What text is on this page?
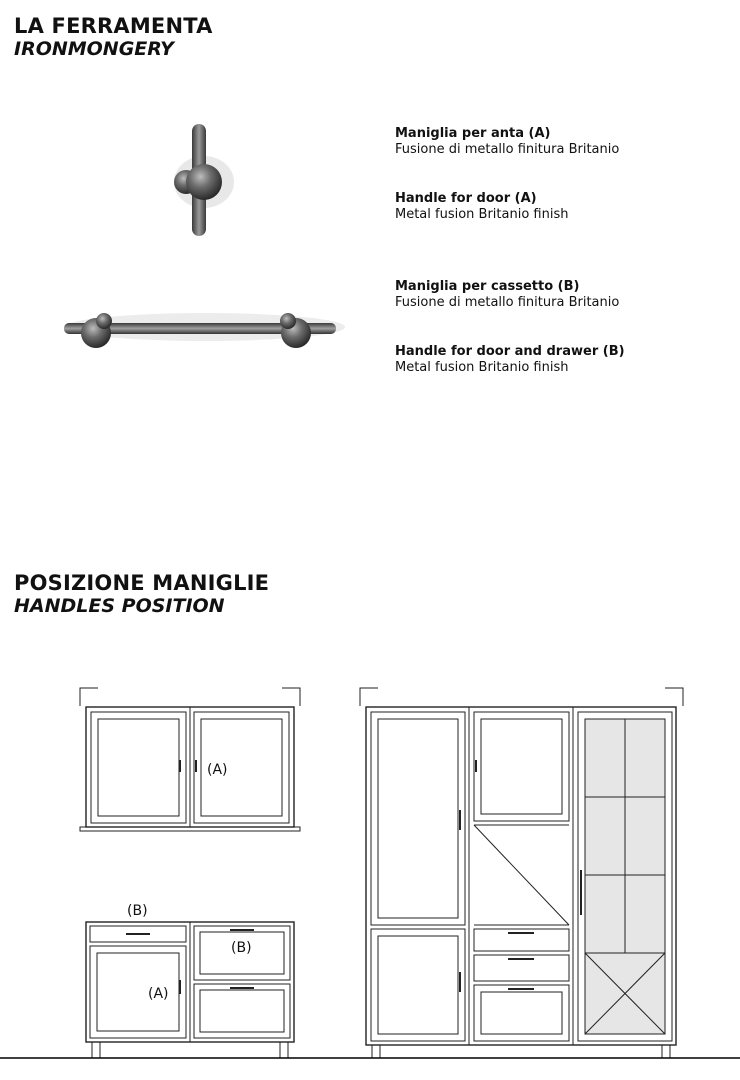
LA FERRAMENTA
IRONMONGERY
Maniglia per anta (A)
Fusione di metallo finitura Britanio
Handle for door (A)
Metal fusion Britanio finish
Maniglia per cassetto (B)
Fusione di metallo finitura Britanio
Handle for door and drawer (B)
Metal fusion Britanio finish
POSIZIONE MANIGLIE
HANDLES POSITION
(A)
(B)
(B)
(A)
